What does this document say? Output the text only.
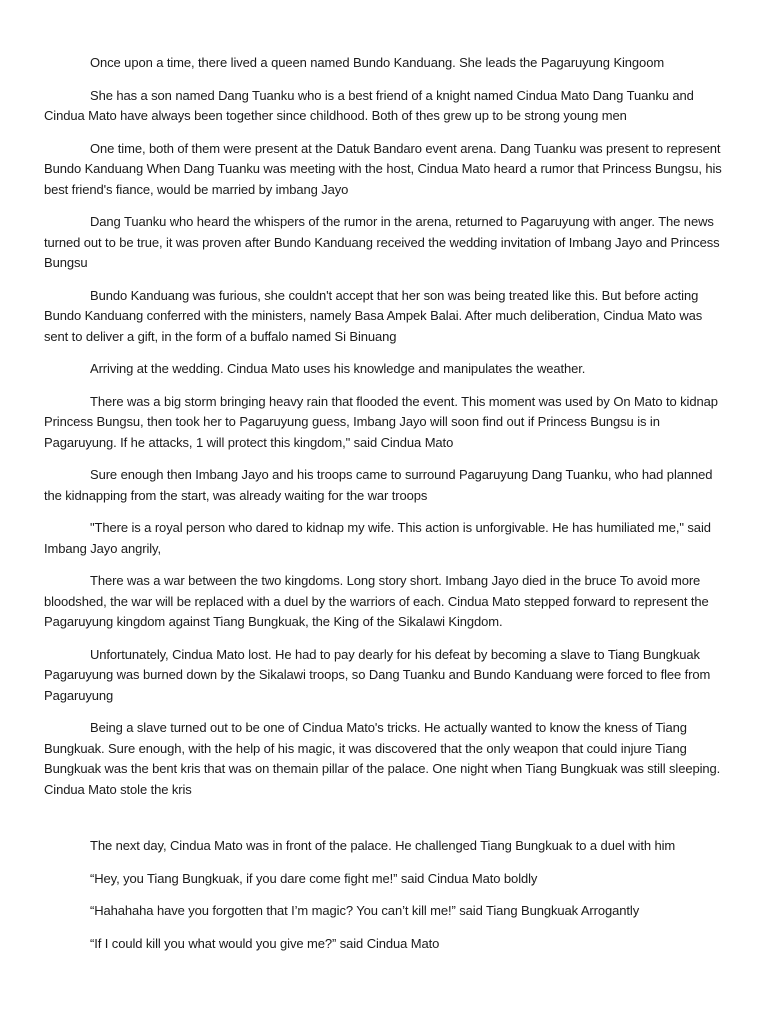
Once upon a time, there lived a queen named Bundo Kanduang. She leads the Pagaruyung Kingoom

She has a son named Dang Tuanku who is a best friend of a knight named Cindua Mato Dang Tuanku and Cindua Mato have always been together since childhood. Both of thes grew up to be strong young men

One time, both of them were present at the Datuk Bandaro event arena. Dang Tuanku was present to represent Bundo Kanduang When Dang Tuanku was meeting with the host, Cindua Mato heard a rumor that Princess Bungsu, his best friend's fiance, would be married by imbang Jayo

Dang Tuanku who heard the whispers of the rumor in the arena, returned to Pagaruyung with anger. The news turned out to be true, it was proven after Bundo Kanduang received the wedding invitation of Imbang Jayo and Princess Bungsu

Bundo Kanduang was furious, she couldn't accept that her son was being treated like this. But before acting Bundo Kanduang conferred with the ministers, namely Basa Ampek Balai. After much deliberation, Cindua Mato was sent to deliver a gift, in the form of a buffalo named Si Binuang

Arriving at the wedding. Cindua Mato uses his knowledge and manipulates the weather.

There was a big storm bringing heavy rain that flooded the event. This moment was used by On Mato to kidnap Princess Bungsu, then took her to Pagaruyung guess, Imbang Jayo will soon find out if Princess Bungsu is in Pagaruyung. If he attacks, 1 will protect this kingdom," said Cindua Mato

Sure enough then Imbang Jayo and his troops came to surround Pagaruyung Dang Tuanku, who had planned the kidnapping from the start, was already waiting for the war troops

"There is a royal person who dared to kidnap my wife. This action is unforgivable. He has humiliated me," said Imbang Jayo angrily,

There was a war between the two kingdoms. Long story short. Imbang Jayo died in the bruce To avoid more bloodshed, the war will be replaced with a duel by the warriors of each. Cindua Mato stepped forward to represent the Pagaruyung kingdom against Tiang Bungkuak, the King of the Sikalawi Kingdom.

Unfortunately, Cindua Mato lost. He had to pay dearly for his defeat by becoming a slave to Tiang Bungkuak Pagaruyung was burned down by the Sikalawi troops, so Dang Tuanku and Bundo Kanduang were forced to flee from Pagaruyung

Being a slave turned out to be one of Cindua Mato's tricks. He actually wanted to know the kness of Tiang Bungkuak. Sure enough, with the help of his magic, it was discovered that the only weapon that could injure Tiang Bungkuak was the bent kris that was on themain pillar of the palace. One night when Tiang Bungkuak was still sleeping. Cindua Mato stole the kris

The next day, Cindua Mato was in front of the palace. He challenged Tiang Bungkuak to a duel with him

“Hey, you Tiang Bungkuak, if you dare come fight me!” said Cindua Mato boldly

“Hahahaha have you forgotten that I’m magic? You can’t kill me!” said Tiang Bungkuak Arrogantly

“If I could kill you what would you give me?” said Cindua Mato
